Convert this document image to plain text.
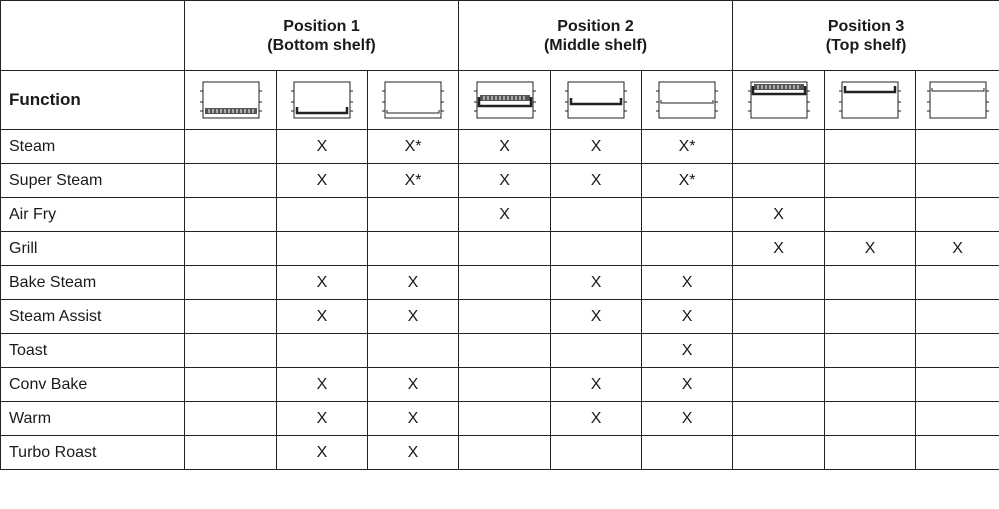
	Position 1
(Bottom shelf)			Position 2
(Middle shelf)			Position 3
(Top shelf)		

Function	

Steam		X	X*	X	X	X*			
Super Steam		X	X*	X	X	X*			
Air Fry				X			X		
Grill							X	X	X
Bake Steam		X	X		X	X			
Steam Assist		X	X		X	X			
Toast						X			
Conv Bake		X	X		X	X			
Warm		X	X		X	X			
Turbo Roast		X	X						
